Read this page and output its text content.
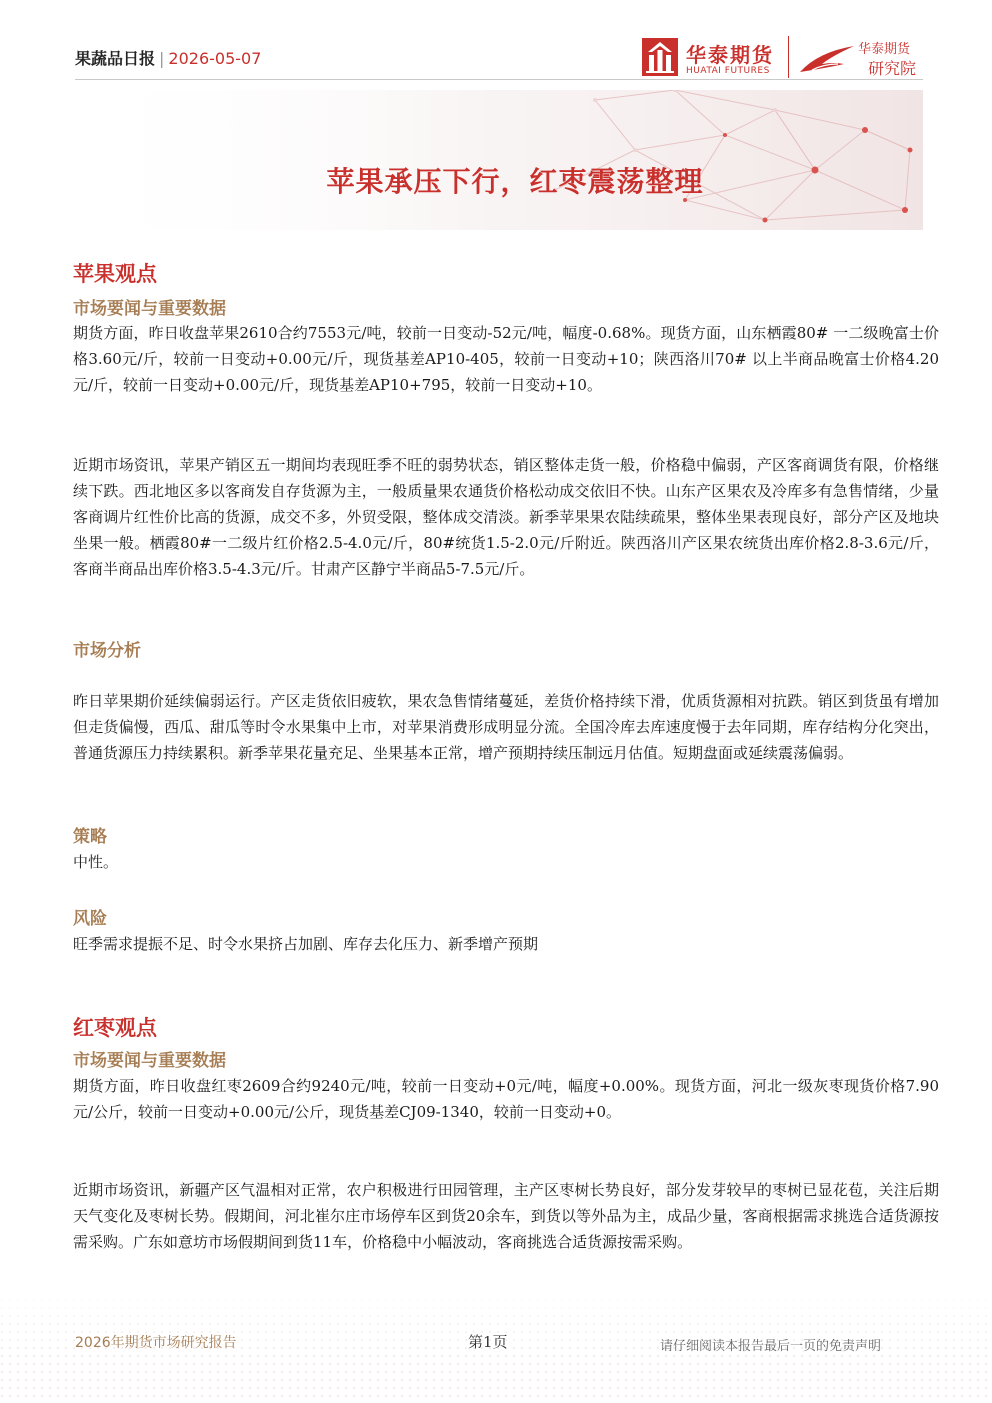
果蔬品日报 | 2026-05-07	华泰期货
HUATAI FUTURES
华泰期货
研究院
苹果承压下行，红枣震荡整理
苹果观点
市场要闻与重要数据

期货方面，昨日收盘苹果2610合约7553元/吨，较前一日变动-52元/吨，幅度-0.68%。现货方面，山东栖霞80# 一二级晚富士价格3.60元/斤，较前一日变动+0.00元/斤，现货基差AP10-405，较前一日变动+10；陕西洛川70# 以上半商品晚富士价格4.20元/斤，较前一日变动+0.00元/斤，现货基差AP10+795，较前一日变动+10。

近期市场资讯，苹果产销区五一期间均表现旺季不旺的弱势状态，销区整体走货一般，价格稳中偏弱，产区客商调货有限，价格继续下跌。西北地区多以客商发自存货源为主，一般质量果农通货价格松动成交依旧不快。山东产区果农及冷库多有急售情绪，少量客商调片红性价比高的货源，成交不多，外贸受限，整体成交清淡。新季苹果果农陆续疏果，整体坐果表现良好，部分产区及地块坐果一般。栖霞80#一二级片红价格2.5-4.0元/斤，80#统货1.5-2.0元/斤附近。陕西洛川产区果农统货出库价格2.8-3.6元/斤，客商半商品出库价格3.5-4.3元/斤。甘肃产区静宁半商品5-7.5元/斤。

市场分析

昨日苹果期价延续偏弱运行。产区走货依旧疲软，果农急售情绪蔓延，差货价格持续下滑，优质货源相对抗跌。销区到货虽有增加但走货偏慢，西瓜、甜瓜等时令水果集中上市，对苹果消费形成明显分流。全国冷库去库速度慢于去年同期，库存结构分化突出，普通货源压力持续累积。新季苹果花量充足、坐果基本正常，增产预期持续压制远月估值。短期盘面或延续震荡偏弱。

策略

中性。

风险

旺季需求提振不足、时令水果挤占加剧、库存去化压力、新季增产预期

红枣观点
市场要闻与重要数据

期货方面，昨日收盘红枣2609合约9240元/吨，较前一日变动+0元/吨，幅度+0.00%。现货方面，河北一级灰枣现货价格7.90元/公斤，较前一日变动+0.00元/公斤，现货基差CJ09-1340，较前一日变动+0。

近期市场资讯，新疆产区气温相对正常，农户积极进行田园管理，主产区枣树长势良好，部分发芽较早的枣树已显花苞，关注后期天气变化及枣树长势。假期间，河北崔尔庄市场停车区到货20余车，到货以等外品为主，成品少量，客商根据需求挑选合适货源按需采购。广东如意坊市场假期间到货11车，价格稳中小幅波动，客商挑选合适货源按需采购。

2026年期货市场研究报告	第1页	请仔细阅读本报告最后一页的免责声明
